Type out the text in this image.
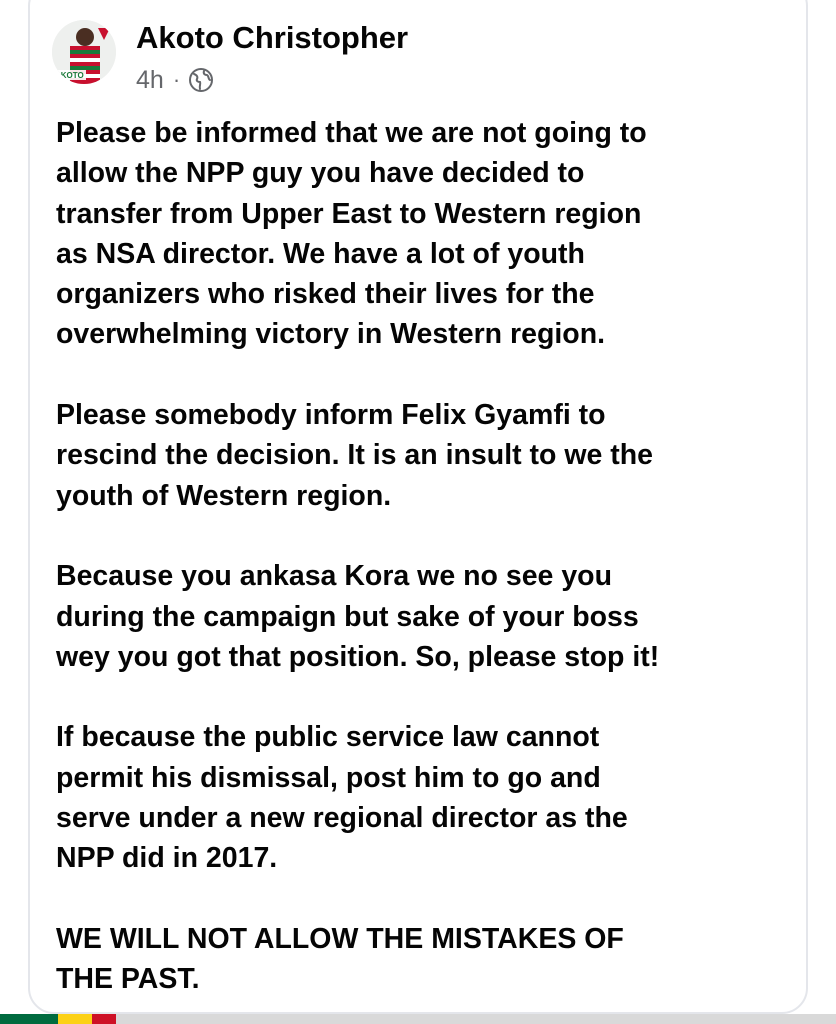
AKOTO
Akoto Christopher
4h ·

Please be informed that we are not going to
allow the NPP guy you have decided to
transfer from Upper East to Western region
as NSA director. We have a lot of youth
organizers who risked their lives for the
overwhelming victory in Western region.

Please somebody inform Felix Gyamfi to
rescind the decision. It is an insult to we the
youth of Western region.

Because you ankasa Kora we no see you
during the campaign but sake of your boss
wey you got that position. So, please stop it!

If because the public service law cannot
permit his dismissal, post him to go and
serve under a new regional director as the
NPP did in 2017.

WE WILL NOT ALLOW THE MISTAKES OF
THE PAST.
